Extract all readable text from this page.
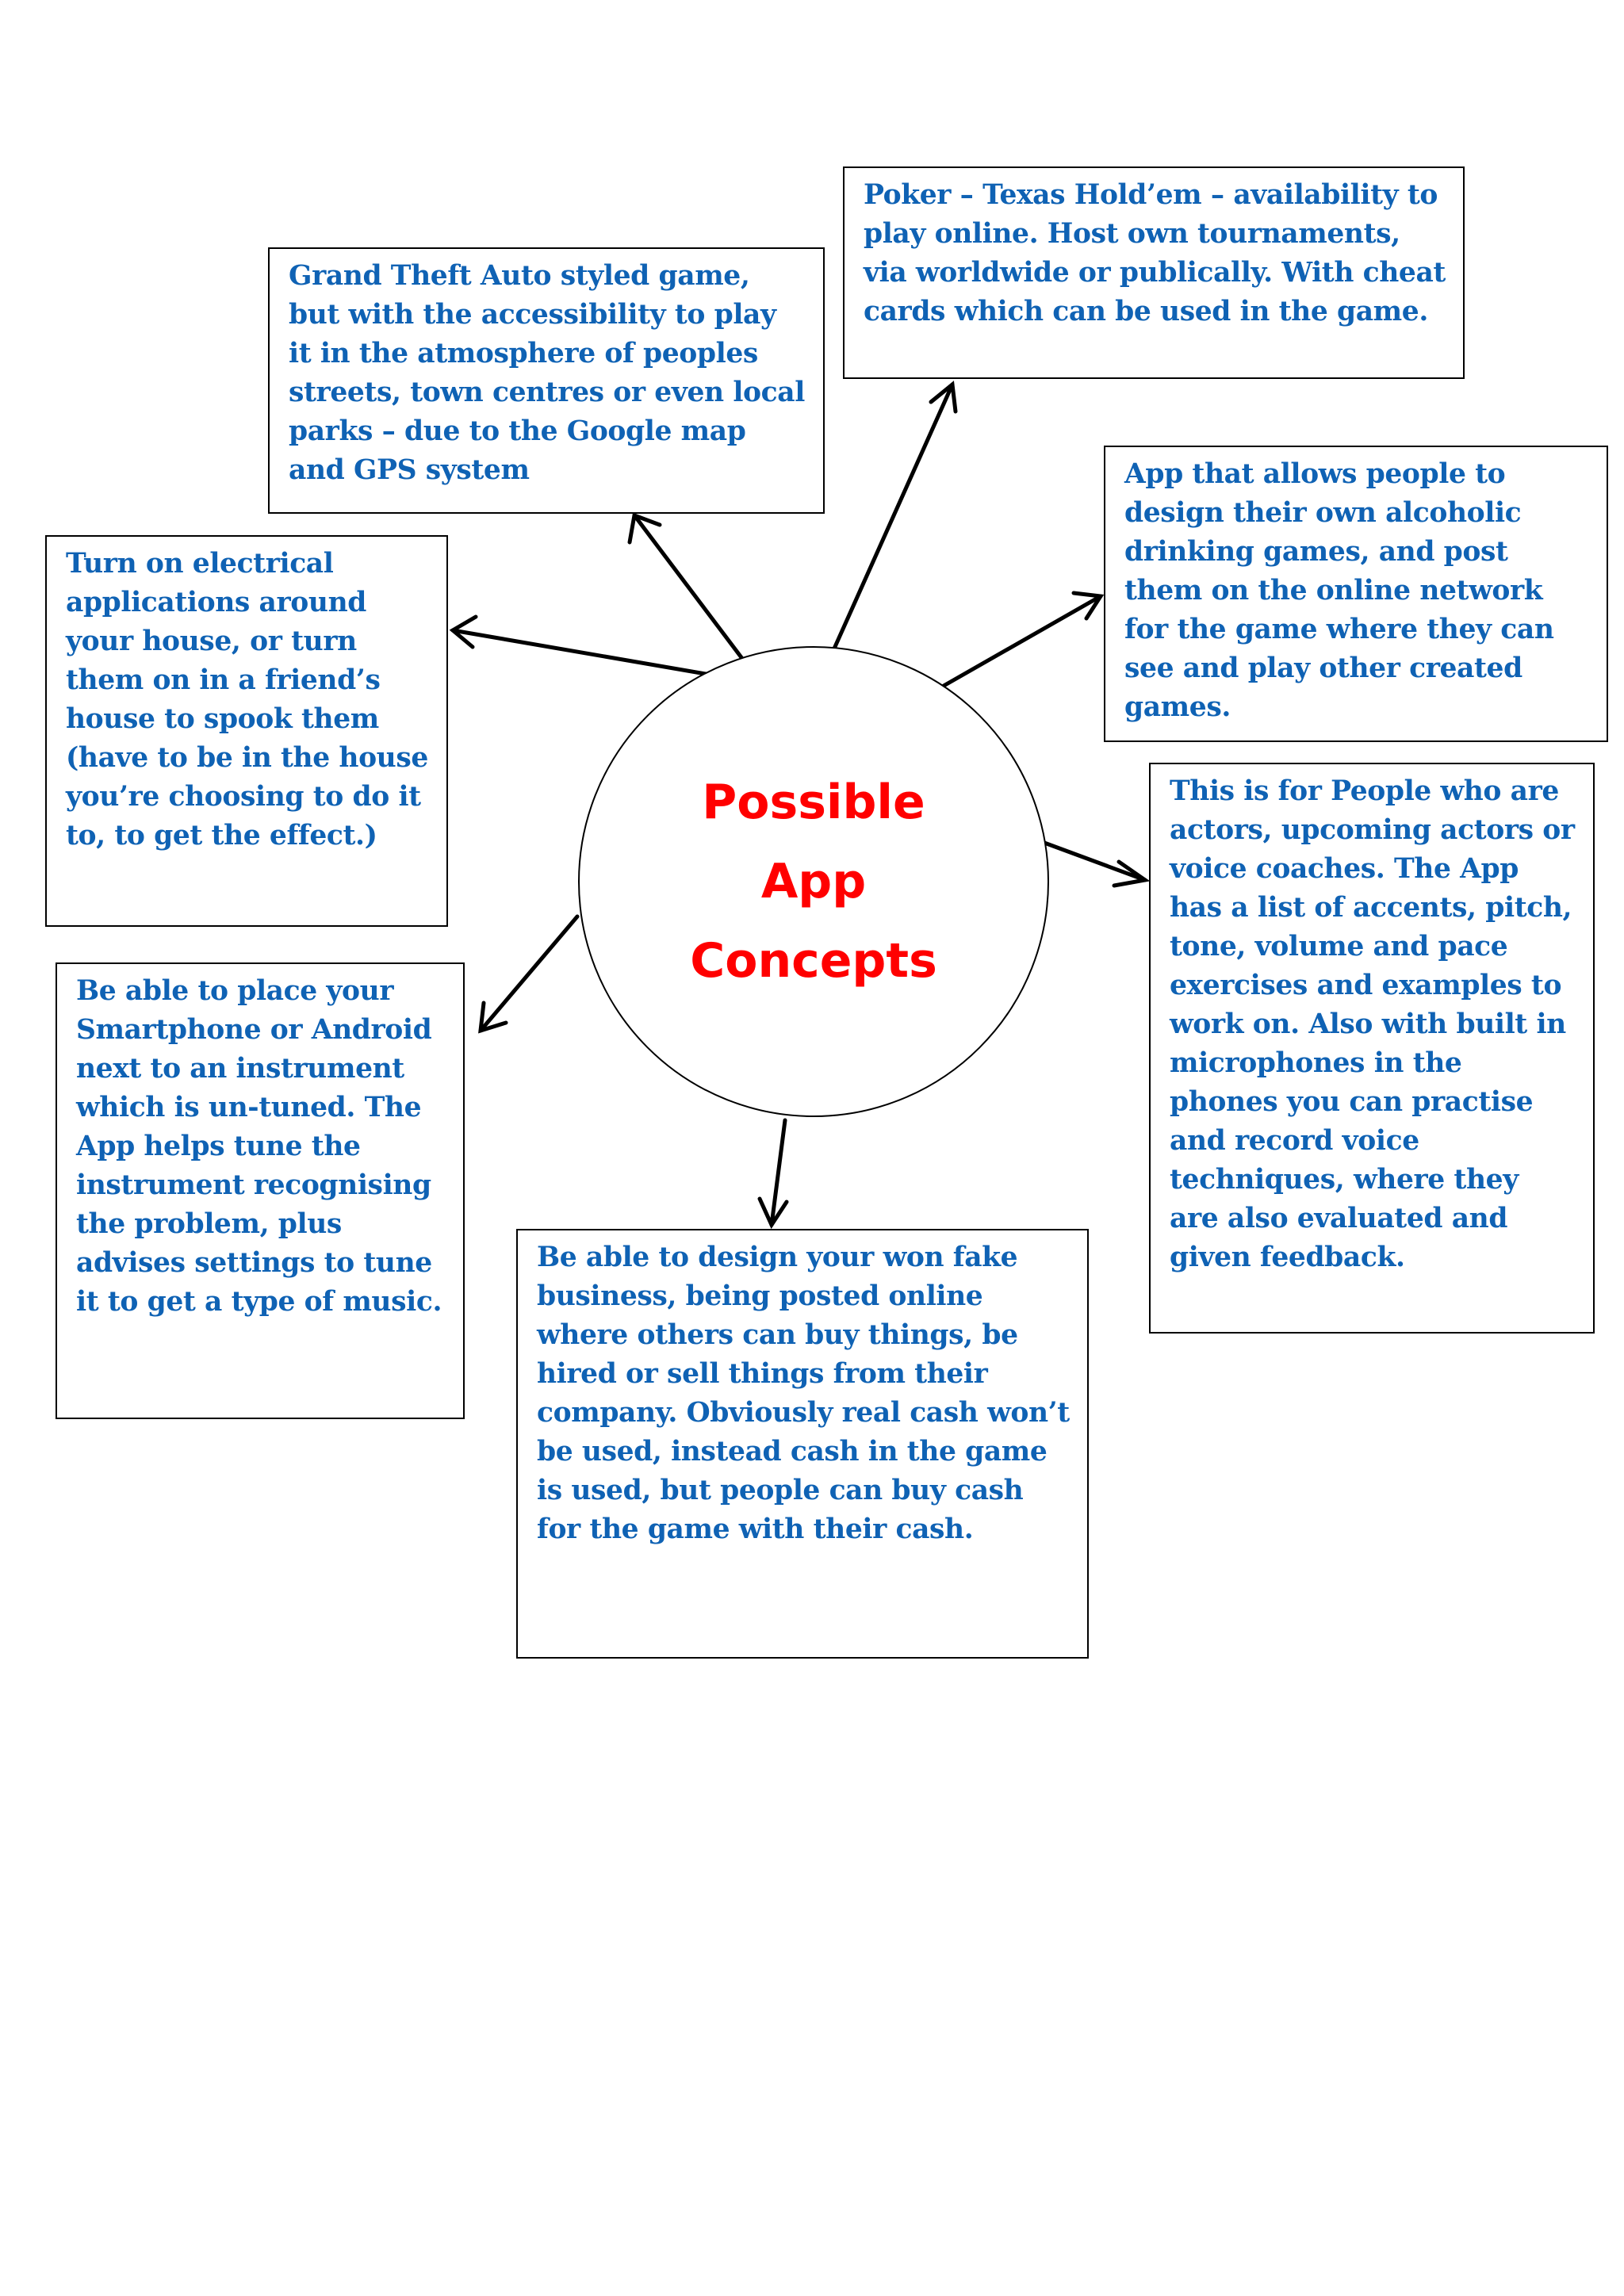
Possible
App
Concepts

Grand Theft Auto styled game, but with the accessibility to play it in the atmosphere of peoples streets, town centres or even local parks – due to the Google map and GPS system

Poker – Texas Hold’em – availability to play online. Host own tournaments, via worldwide or publically. With cheat cards which can be used in the game.

App that allows people to design their own alcoholic drinking games, and post them on the online network for the game where they can see and play other created games.

This is for People who are actors, upcoming actors or voice coaches. The App has a list of accents, pitch, tone, volume and pace exercises and examples to work on. Also with built in microphones in the phones you can practise and record voice techniques, where they are also evaluated and given feedback.

Be able to design your won fake business, being posted online where others can buy things, be hired or sell things from their company. Obviously real cash won’t be used, instead cash in the game is used, but people can buy cash for the game with their cash.

Be able to place your Smartphone or Android next to an instrument which is un-tuned. The App helps tune the instrument recognising the problem, plus advises settings to tune it to get a type of music.

Turn on electrical applications around your house, or turn them on in a friend’s house to spook them (have to be in the house you’re choosing to do it to, to get the effect.)
